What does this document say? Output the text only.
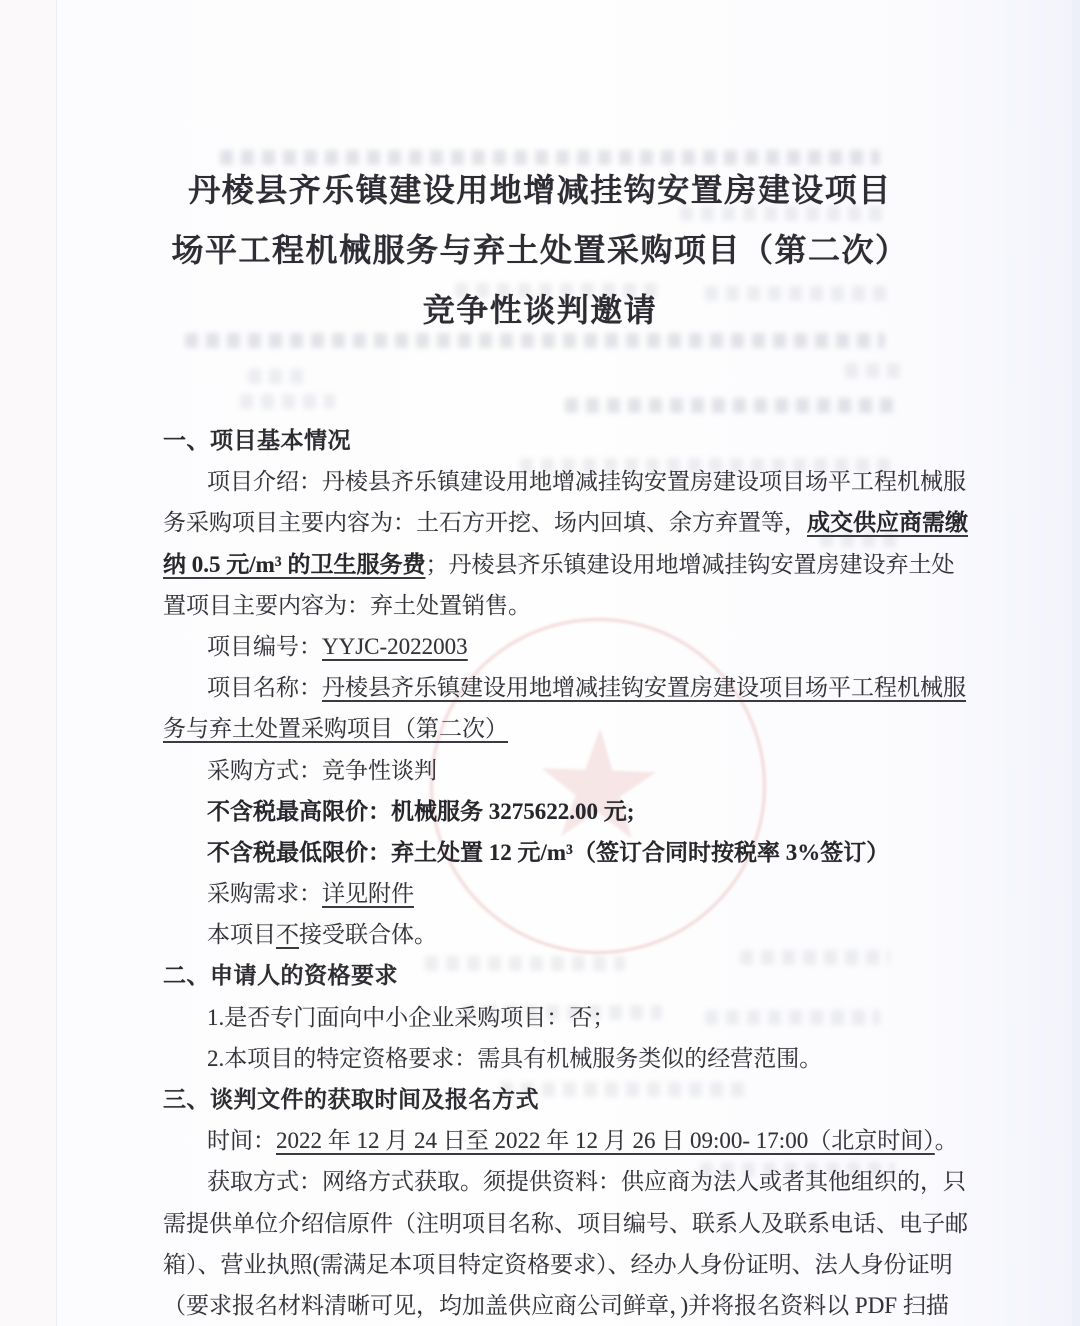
★
丹棱县齐乐镇建设用地增减挂钩安置房建设项目
场平工程机械服务与弃土处置采购项目（第二次）
竞争性谈判邀请
一、项目基本情况
项目介绍：丹棱县齐乐镇建设用地增减挂钩安置房建设项目场平工程机械服
务采购项目主要内容为：土石方开挖、场内回填、余方弃置等，成交供应商需缴
纳 0.5 元/m³ 的卫生服务费；丹棱县齐乐镇建设用地增减挂钩安置房建设弃土处
置项目主要内容为：弃土处置销售。
项目编号：YYJC-2022003
项目名称：丹棱县齐乐镇建设用地增减挂钩安置房建设项目场平工程机械服
务与弃土处置采购项目（第二次）
采购方式：竞争性谈判
不含税最高限价：机械服务 3275622.00 元;
不含税最低限价：弃土处置 12 元/m³（签订合同时按税率 3%签订）
采购需求：详见附件
本项目不接受联合体。
二、申请人的资格要求
1.是否专门面向中小企业采购项目：否；
2.本项目的特定资格要求：需具有机械服务类似的经营范围。
三、谈判文件的获取时间及报名方式
时间：2022 年 12 月 24 日至 2022 年 12 月 26 日 09:00- 17:00（北京时间）。
获取方式：网络方式获取。须提供资料：供应商为法人或者其他组织的，只
需提供单位介绍信原件（注明项目名称、项目编号、联系人及联系电话、电子邮
箱）、营业执照(需满足本项目特定资格要求）、经办人身份证明、法人身份证明
（要求报名材料清晰可见，均加盖供应商公司鲜章，)并将报名资料以 PDF 扫描
